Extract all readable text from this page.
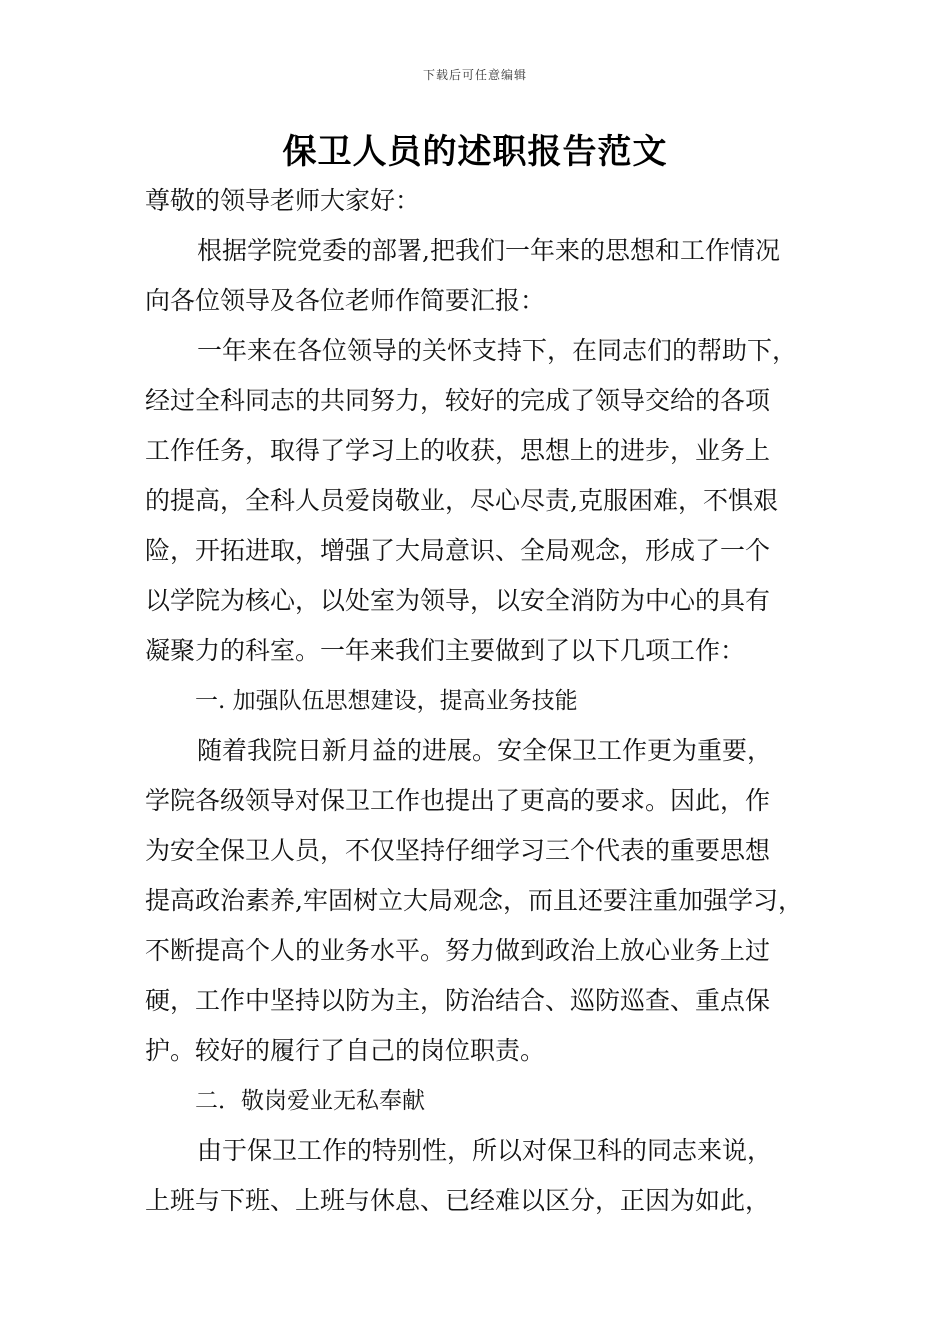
下载后可任意编辑
保卫人员的述职报告范文
尊敬的领导老师大家好：
根据学院党委的部署,把我们一年来的思想和工作情况
向各位领导及各位老师作简要汇报：
一年来在各位领导的关怀支持下，在同志们的帮助下，
经过全科同志的共同努力，较好的完成了领导交给的各项
工作任务，取得了学习上的收获，思想上的进步，业务上
的提高，全科人员爱岗敬业，尽心尽责,克服困难，不惧艰
险，开拓进取，增强了大局意识、全局观念，形成了一个
以学院为核心，以处室为领导，以安全消防为中心的具有
凝聚力的科室。一年来我们主要做到了以下几项工作：
一. 加强队伍思想建设，提高业务技能
随着我院日新月益的进展。安全保卫工作更为重要，
学院各级领导对保卫工作也提出了更高的要求。因此，作
为安全保卫人员，不仅坚持仔细学习三个代表的重要思想
提高政治素养,牢固树立大局观念，而且还要注重加强学习，
不断提高个人的业务水平。努力做到政治上放心业务上过
硬，工作中坚持以防为主，防治结合、巡防巡查、重点保
护。较好的履行了自己的岗位职责。
二．敬岗爱业无私奉献
由于保卫工作的特别性，所以对保卫科的同志来说，
上班与下班、上班与休息、已经难以区分，正因为如此，
